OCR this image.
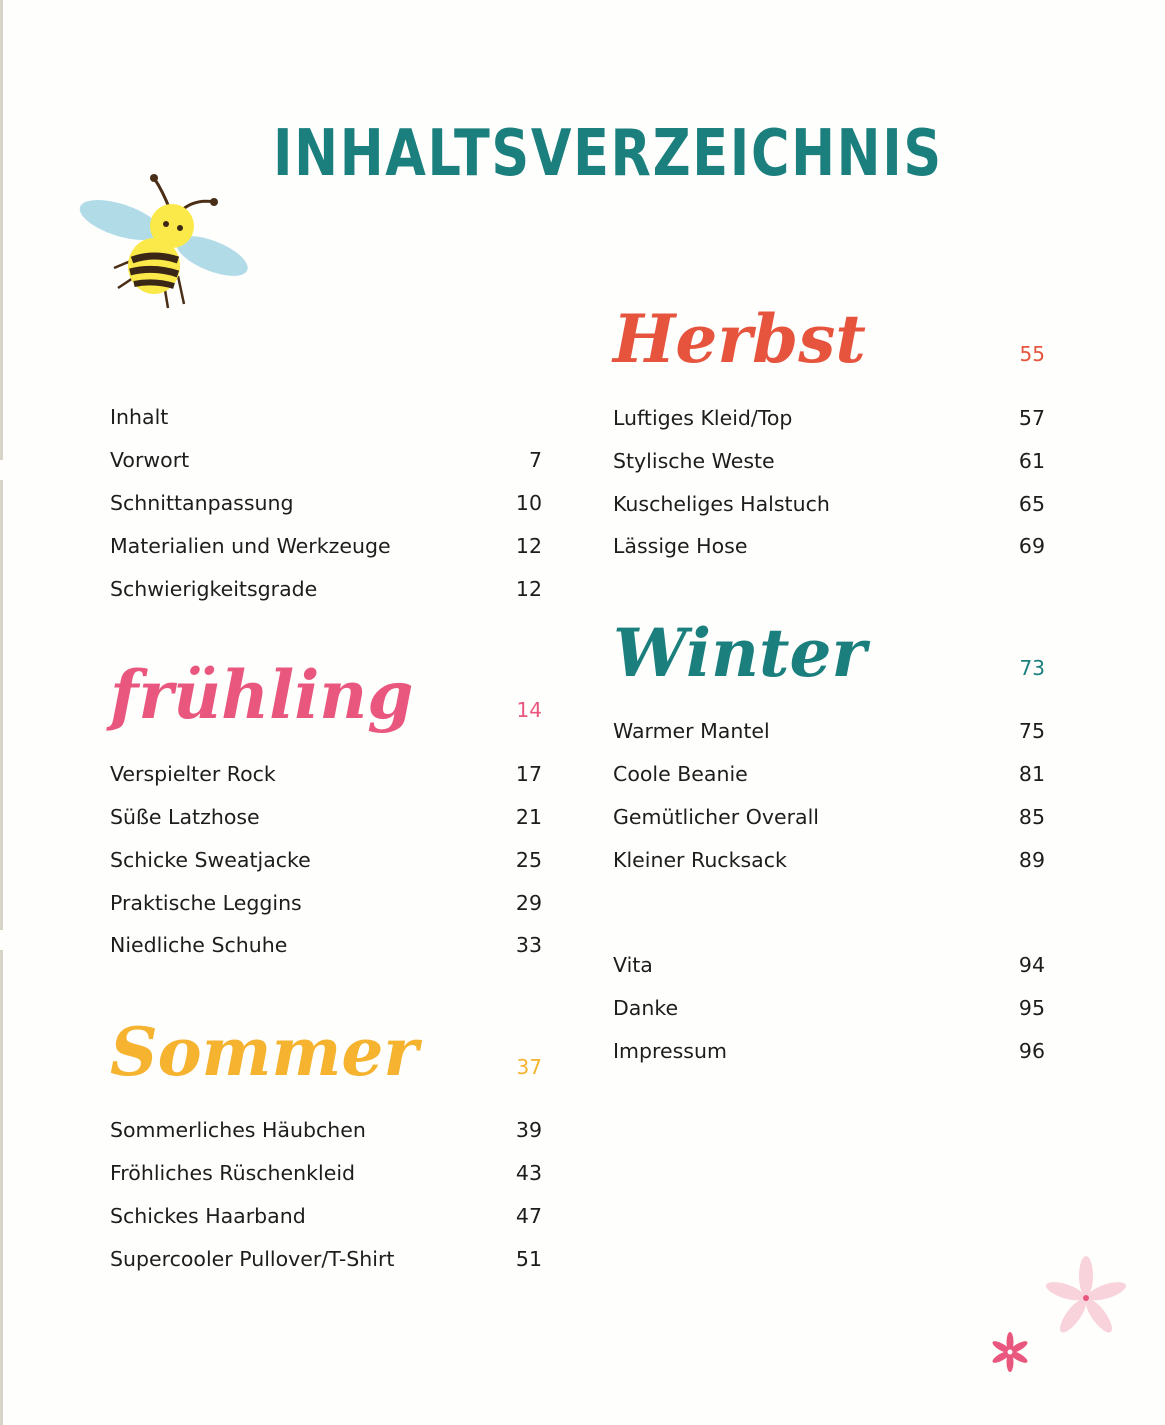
INHALTSVERZEICHNIS
Inhalt
Vorwort	7
Schnittanpassung	10
Materialien und Werkzeuge	12
Schwierigkeitsgrade	12
frühling	14
Verspielter Rock	17
Süße Latzhose	21
Schicke Sweatjacke	25
Praktische Leggins	29
Niedliche Schuhe	33
Sommer	37
Sommerliches Häubchen	39
Fröhliches Rüschenkleid	43
Schickes Haarband	47
Supercooler Pullover/T-Shirt	51
Herbst	55
Luftiges Kleid/Top	57
Stylische Weste	61
Kuscheliges Halstuch	65
Lässige Hose	69
Winter	73
Warmer Mantel	75
Coole Beanie	81
Gemütlicher Overall	85
Kleiner Rucksack	89
Vita	94
Danke	95
Impressum	96
